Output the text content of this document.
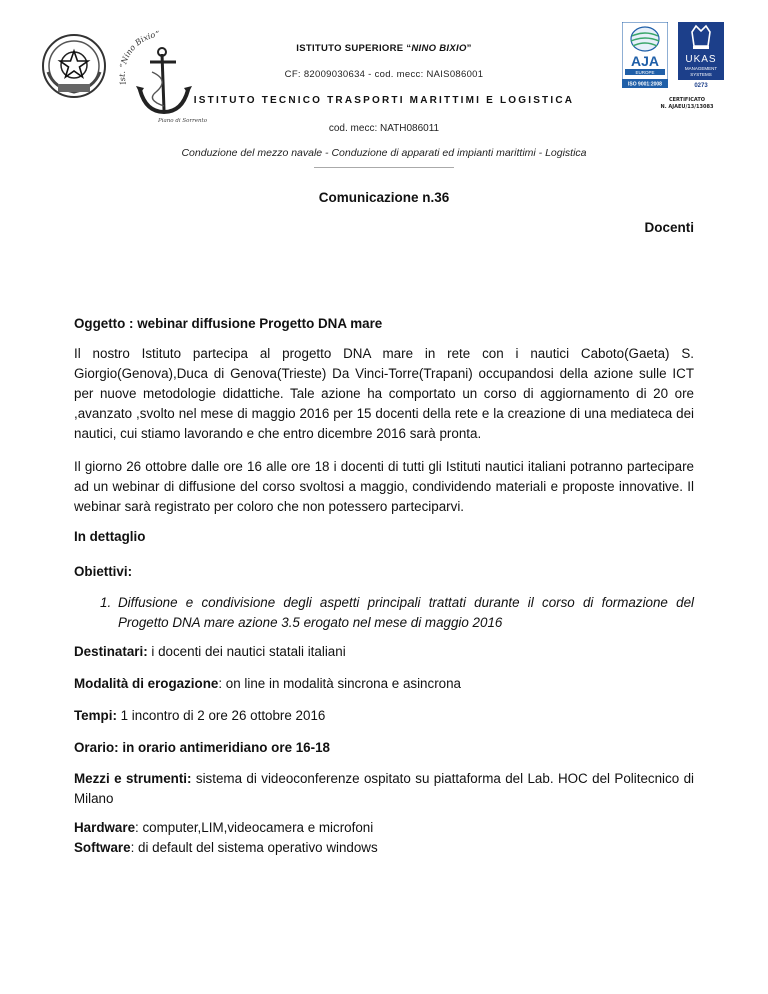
Ist. “Nino Bixio”
Piano di Sorrento
AJA
EUROPE
ISO 9001:2008
UKAS
MANAGEMENT
SYSTEMS
0273
CERTIFICATO
N. AJAEU/13/13083
ISTITUTO SUPERIORE “NINO BIXIO”
CF: 82009030634 - cod. mecc: NAIS086001
ISTITUTO TECNICO TRASPORTI MARITTIMI E LOGISTICA
cod. mecc: NATH086011
Conduzione del mezzo navale - Conduzione di apparati ed impianti marittimi - Logistica
Comunicazione n.36
Docenti
Oggetto : webinar diffusione Progetto DNA mare
Il nostro Istituto partecipa al progetto DNA mare in rete con i nautici Caboto(Gaeta) S. Giorgio(Genova),Duca di Genova(Trieste) Da Vinci-Torre(Trapani) occupandosi della azione sulle ICT per nuove metodologie didattiche. Tale azione ha comportato un corso di aggiornamento di 20 ore ,avanzato ,svolto nel mese di maggio 2016 per 15 docenti della rete e la creazione di una mediateca dei nautici, cui stiamo lavorando e che entro dicembre 2016 sarà pronta.
Il giorno 26 ottobre dalle ore 16 alle ore 18 i docenti di tutti gli Istituti nautici italiani potranno partecipare ad un webinar di diffusione del corso svoltosi a maggio, condividendo materiali e proposte innovative. Il webinar sarà registrato per coloro che non potessero parteciparvi.
In dettaglio
Obiettivi:
1. Diffusione e condivisione degli aspetti principali trattati durante il corso di formazione del Progetto DNA mare azione 3.5 erogato nel mese di maggio 2016
Destinatari: i docenti dei nautici statali italiani
Modalità di erogazione: on line in modalità sincrona e asincrona
Tempi: 1 incontro di 2 ore 26 ottobre 2016
Orario: in orario antimeridiano ore 16-18
Mezzi e strumenti: sistema di videoconferenze ospitato su piattaforma del Lab. HOC del Politecnico di Milano
Hardware: computer,LIM,videocamera e microfoni
Software: di default del sistema operativo windows
